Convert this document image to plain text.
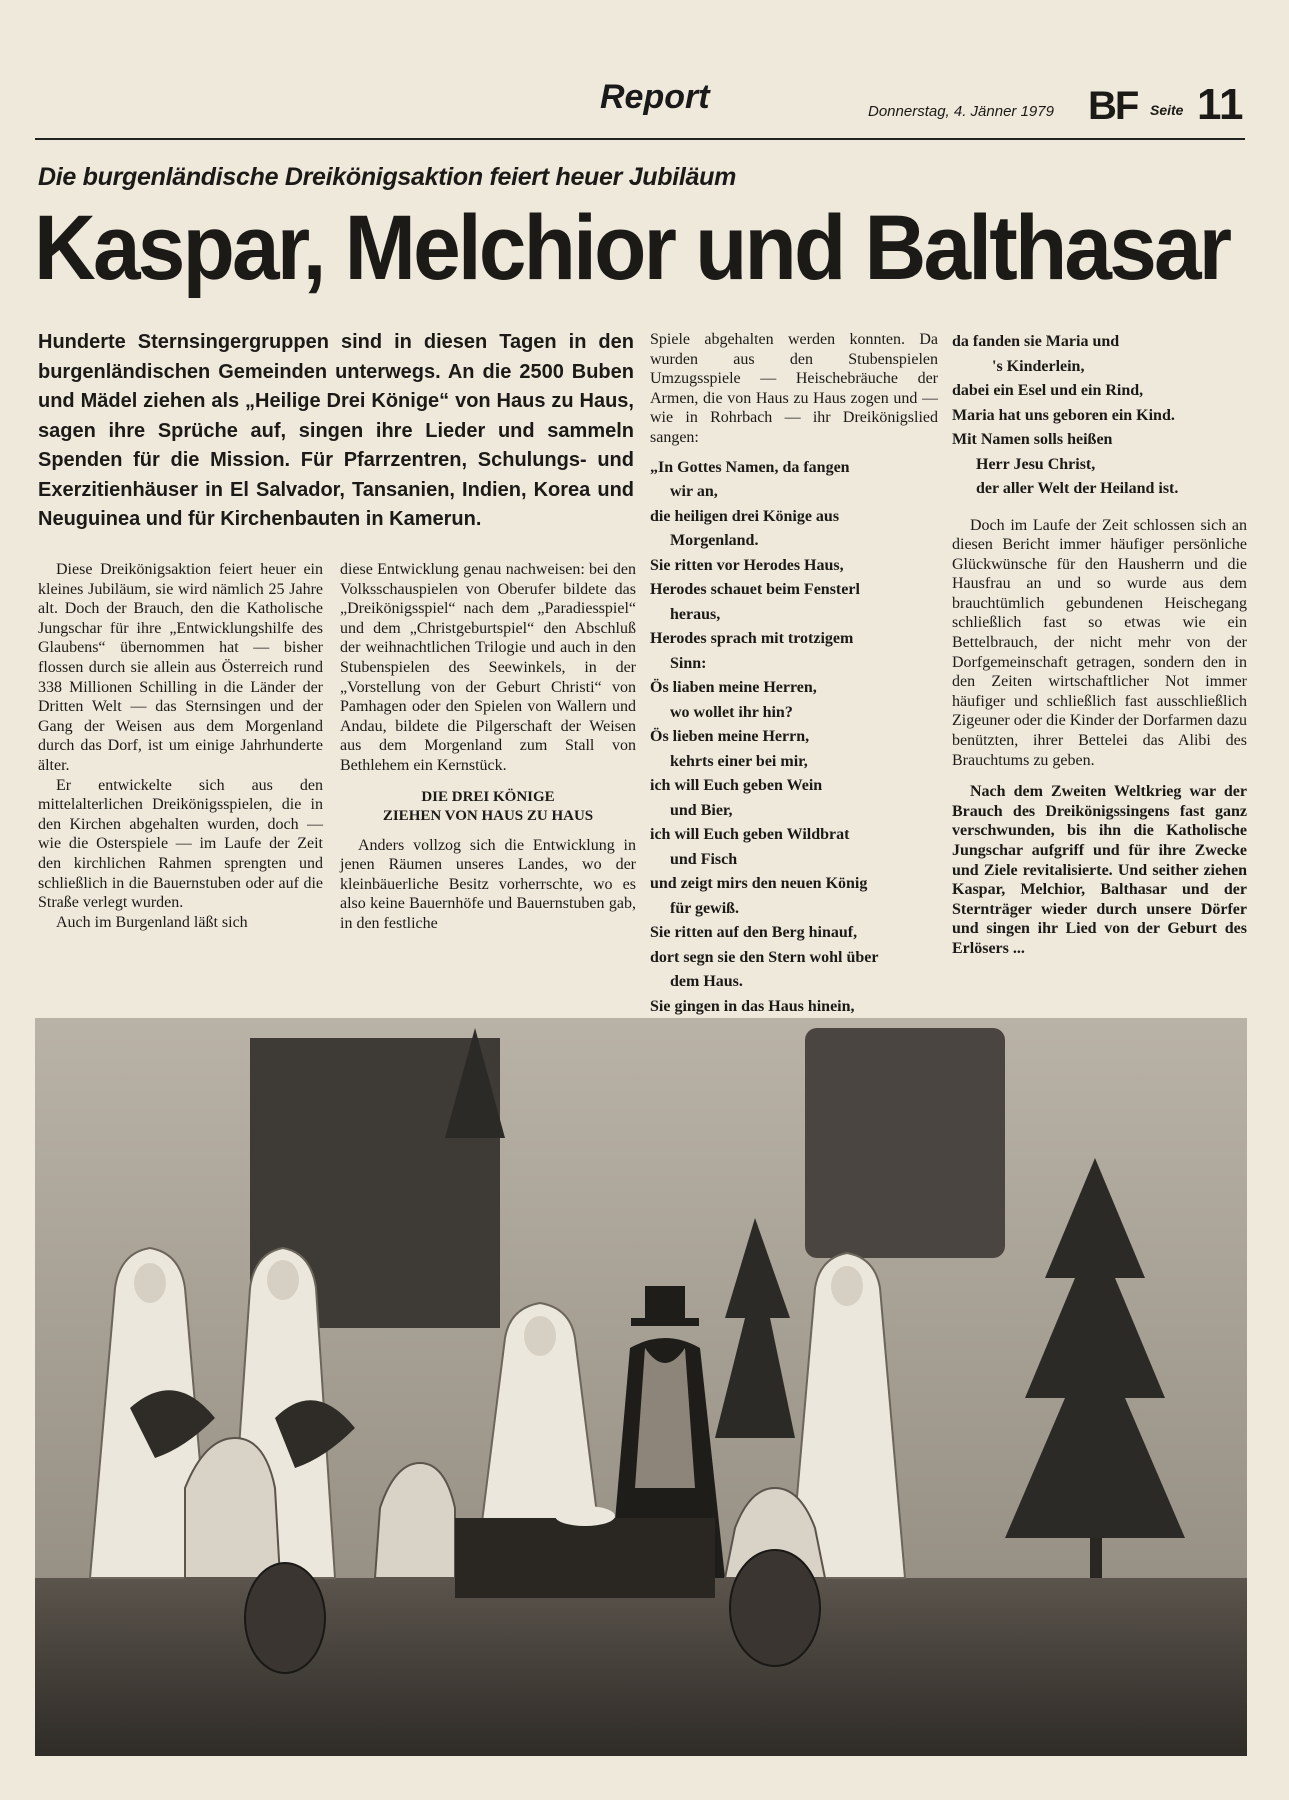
Report	Donnerstag, 4. Jänner 1979 BF Seite 11
Die burgenländische Dreikönigsaktion feiert heuer Jubiläum
Kaspar, Melchior und Balthasar
Hunderte Sternsingergruppen sind in diesen Tagen in den burgenländischen Gemeinden unterwegs. An die 2500 Buben und Mädel ziehen als „Heilige Drei Könige“ von Haus zu Haus, sagen ihre Sprüche auf, singen ihre Lieder und sammeln Spenden für die Mission. Für Pfarrzentren, Schulungs- und Exerzitienhäuser in El Salvador, Tansanien, Indien, Korea und Neuguinea und für Kirchenbauten in Kamerun.

Diese Dreikönigsaktion feiert heuer ein kleines Jubiläum, sie wird nämlich 25 Jahre alt. Doch der Brauch, den die Katholische Jungschar für ihre „Entwicklungshilfe des Glaubens“ übernommen hat — bisher flossen durch sie allein aus Österreich rund 338 Millionen Schilling in die Länder der Dritten Welt — das Sternsingen und der Gang der Weisen aus dem Morgenland durch das Dorf, ist um einige Jahrhunderte älter.

Er entwickelte sich aus den mittelalterlichen Dreikönigsspielen, die in den Kirchen abgehalten wurden, doch — wie die Osterspiele — im Laufe der Zeit den kirchlichen Rahmen sprengten und schließlich in die Bauernstuben oder auf die Straße verlegt wurden.

Auch im Burgenland läßt sich

diese Entwicklung genau nachweisen: bei den Volksschauspielen von Oberufer bildete das „Dreikönigsspiel“ nach dem „Paradiesspiel“ und dem „Christgeburtspiel“ den Abschluß der weihnachtlichen Trilogie und auch in den Stubenspielen des Seewinkels, in der „Vorstellung von der Geburt Christi“ von Pamhagen oder den Spielen von Wallern und Andau, bildete die Pilgerschaft der Weisen aus dem Morgenland zum Stall von Bethlehem ein Kernstück.

DIE DREI KÖNIGE
ZIEHEN VON HAUS ZU HAUS

Anders vollzog sich die Entwicklung in jenen Räumen unseres Landes, wo der kleinbäuerliche Besitz vorherrschte, wo es also keine Bauernhöfe und Bauernstuben gab, in den festliche

Spiele abgehalten werden konnten. Da wurden aus den Stubenspielen Umzugsspiele — Heischebräuche der Armen, die von Haus zu Haus zogen und — wie in Rohrbach — ihr Dreikönigslied sangen:

„In Gottes Namen, da fangen
wir an,
die heiligen drei Könige aus
Morgenland.
Sie ritten vor Herodes Haus,
Herodes schauet beim Fensterl
heraus,
Herodes sprach mit trotzigem
Sinn:
Ös liaben meine Herren,
wo wollet ihr hin?
Ös lieben meine Herrn,
kehrts einer bei mir,
ich will Euch geben Wein
und Bier,
ich will Euch geben Wildbrat
und Fisch
und zeigt mirs den neuen König
für gewiß.
Sie ritten auf den Berg hinauf,
dort segn sie den Stern wohl über
dem Haus.
Sie gingen in das Haus hinein,
da fanden sie Maria und
's Kinderlein,
dabei ein Esel und ein Rind,
Maria hat uns geboren ein Kind.
Mit Namen solls heißen
Herr Jesu Christ,
der aller Welt der Heiland ist.

Doch im Laufe der Zeit schlossen sich an diesen Bericht immer häufiger persönliche Glückwünsche für den Hausherrn und die Hausfrau an und so wurde aus dem brauchtümlich gebundenen Heischegang schließlich fast so etwas wie ein Bettelbrauch, der nicht mehr von der Dorfgemeinschaft getragen, sondern den in den Zeiten wirtschaftlicher Not immer häufiger und schließlich fast ausschließlich Zigeuner oder die Kinder der Dorfarmen dazu benützten, ihrer Bettelei das Alibi des Brauchtums zu geben.

Nach dem Zweiten Weltkrieg war der Brauch des Dreikönigssingens fast ganz verschwunden, bis ihn die Katholische Jungschar aufgriff und für ihre Zwecke und Ziele revitalisierte. Und seither ziehen Kaspar, Melchior, Balthasar und der Sternträger wieder durch unsere Dörfer und singen ihr Lied von der Geburt des Erlösers ...
